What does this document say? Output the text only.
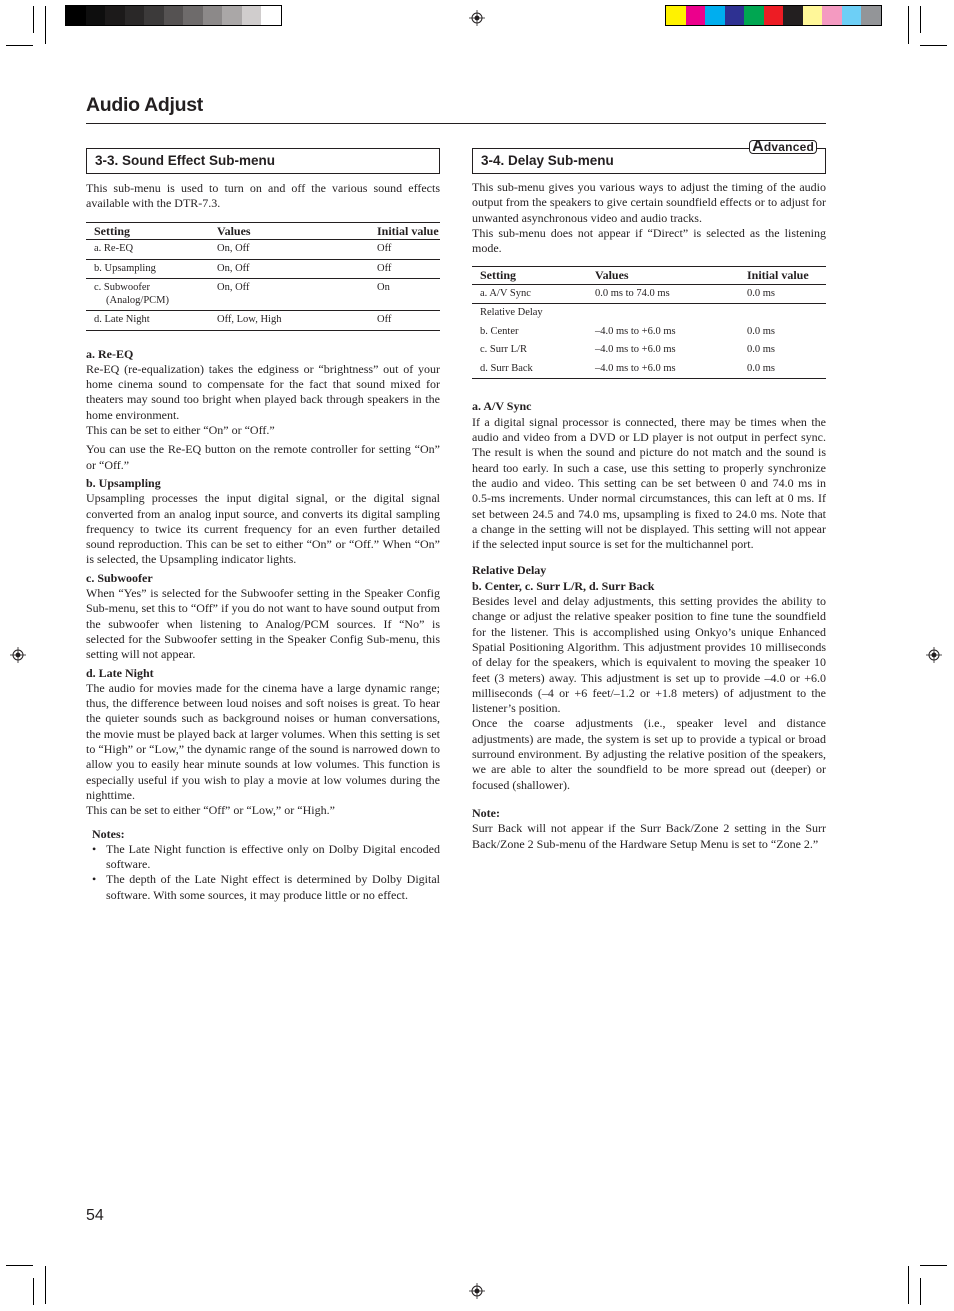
Audio Adjust
3-3. Sound Effect Sub-menu

This sub-menu is used to turn on and off the various sound effects available with the DTR-7.3.

Setting	Values	Initial value
a. Re-EQ	On, Off	Off
b. Upsampling	On, Off	Off
c. Subwoofer
(Analog/PCM)	On, Off	On
d. Late Night	Off, Low, High	Off

a. Re-EQ

Re-EQ (re-equalization) takes the edginess or “brightness” out of your home cinema sound to compensate for the fact that sound mixed for theaters may sound too bright when played back through speakers in the home environment.

This can be set to either “On” or “Off.”

You can use the Re-EQ button on the remote controller for setting “On” or “Off.”

b. Upsampling

Upsampling processes the input digital signal, or the digital signal converted from an analog input source, and converts its digital sampling frequency to twice its current frequency for an even further detailed sound reproduction. This can be set to either “On” or “Off.” When “On” is selected, the Upsampling indicator lights.

c. Subwoofer

When “Yes” is selected for the Subwoofer setting in the Speaker Config Sub-menu, set this to “Off” if you do not want to have sound output from the subwoofer when listening to Analog/PCM sources. If “No” is selected for the Subwoofer setting in the Speaker Config Sub-menu, this setting will not appear.

d. Late Night

The audio for movies made for the cinema have a large dynamic range; thus, the difference between loud noises and soft noises is great. To hear the quieter sounds such as background noises or human conversations, the movie must be played back at larger volumes. When this setting is set to “High” or “Low,” the dynamic range of the sound is narrowed down to allow you to easily hear minute sounds at low volumes. This function is especially useful if you wish to play a movie at low volumes during the nighttime.

This can be set to either “Off” or “Low,” or “High.”

Notes:

• The Late Night function is effective only on Dolby Digital encoded software.
• The depth of the Late Night effect is determined by Dolby Digital software. With some sources, it may produce little or no effect.
3-4. Delay Sub-menu
Advanced

This sub-menu gives you various ways to adjust the timing of the audio output from the speakers to give certain soundfield effects or to adjust for unwanted asynchronous video and audio tracks.

This sub-menu does not appear if “Direct” is selected as the listening mode.

Setting	Values	Initial value
a. A/V Sync	0.0 ms to 74.0 ms	0.0 ms
Relative Delay		
b. Center	–4.0 ms to +6.0 ms	0.0 ms
c. Surr L/R	–4.0 ms to +6.0 ms	0.0 ms
d. Surr Back	–4.0 ms to +6.0 ms	0.0 ms

a. A/V Sync

If a digital signal processor is connected, there may be times when the audio and video from a DVD or LD player is not output in perfect sync. The result is when the sound and picture do not match and the sound is heard too early. In such a case, use this setting to properly synchronize the audio and video. This setting can be set between 0 and 74.0 ms in 0.5-ms increments. Under normal circumstances, this can left at 0 ms. If set between 24.5 and 74.0 ms, upsampling is fixed to 24.0 ms. Note that a change in the setting will not be displayed. This setting will not appear if the selected input source is set for the multichannel port.

Relative Delay

b. Center, c. Surr L/R, d. Surr Back

Besides level and delay adjustments, this setting provides the ability to change or adjust the relative speaker position to fine tune the soundfield for the listener. This is accomplished using Onkyo’s unique Enhanced Spatial Positioning Algorithm. This adjustment provides 10 milliseconds of delay for the speakers, which is equivalent to moving the speaker 10 feet (3 meters) away. This adjustment is set up to provide –4.0 or +6.0 milliseconds (–4 or +6 feet/–1.2 or +1.8 meters) of adjustment to the listener’s position.

Once the coarse adjustments (i.e., speaker level and distance adjustments) are made, the system is set up to provide a typical or broad surround environment. By adjusting the relative position of the speakers, we are able to alter the soundfield to be more spread out (deeper) or focused (shallower).

Note:

Surr Back will not appear if the Surr Back/Zone 2 setting in the Surr Back/Zone 2 Sub-menu of the Hardware Setup Menu is set to “Zone 2.”

54
